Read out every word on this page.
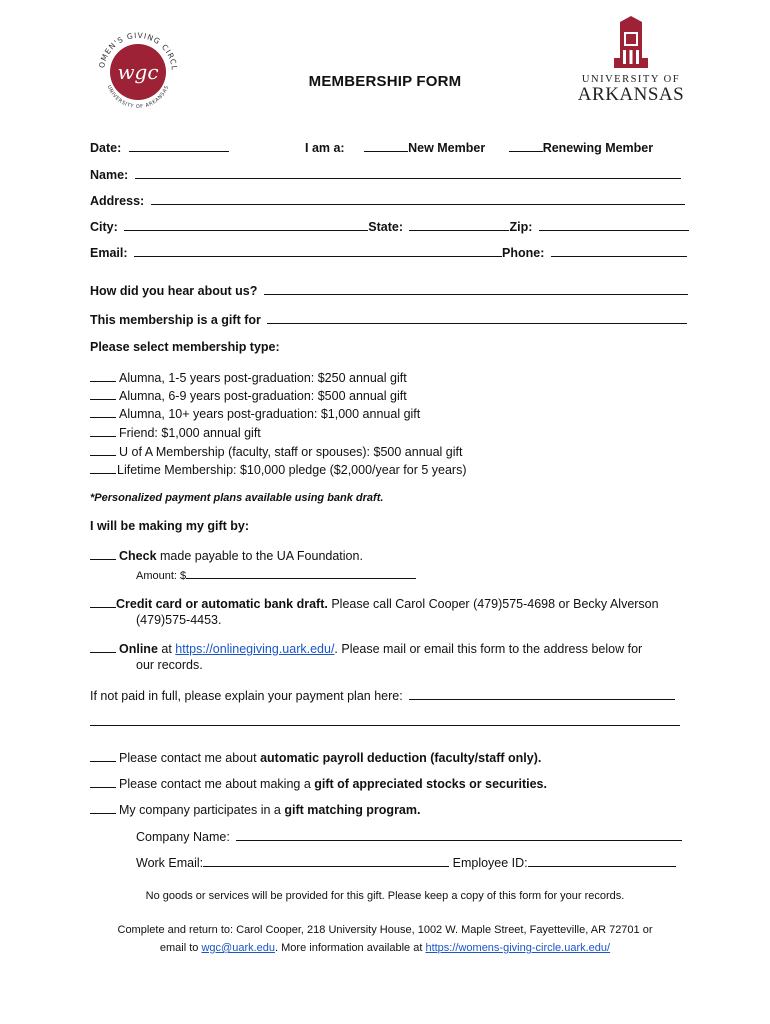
OMEN'S GIVING CIRCL
UNIVERSITY OF ARKANSAS
wgc	UNIVERSITY OF
ARKANSAS
MEMBERSHIP FORM
Date:	I am a:	New Member	Renewing Member
Name:
Address:
City:	State:	Zip:
Email:	Phone:
How did you hear about us?
This membership is a gift for
Please select membership type:
Alumna, 1-5 years post-graduation: $250 annual gift
Alumna, 6-9 years post-graduation: $500 annual gift
Alumna, 10+ years post-graduation: $1,000 annual gift
Friend: $1,000 annual gift
U of A Membership (faculty, staff or spouses): $500 annual gift
Lifetime Membership: $10,000 pledge ($2,000/year for 5 years)
*Personalized payment plans available using bank draft.
I will be making my gift by:
Check made payable to the UA Foundation.
Amount: $
Credit card or automatic bank draft. Please call Carol Cooper (479)575-4698 or Becky Alverson
(479)575-4453.
Online at https://onlinegiving.uark.edu/. Please mail or email this form to the address below for
our records.
If not paid in full, please explain your payment plan here:
Please contact me about automatic payroll deduction (faculty/staff only).
Please contact me about making a gift of appreciated stocks or securities.
My company participates in a gift matching program.
Company Name:
Work Email:	Employee ID:
No goods or services will be provided for this gift. Please keep a copy of this form for your records.
Complete and return to: Carol Cooper, 218 University House, 1002 W. Maple Street, Fayetteville, AR 72701 or
email to wgc@uark.edu. More information available at https://womens-giving-circle.uark.edu/
